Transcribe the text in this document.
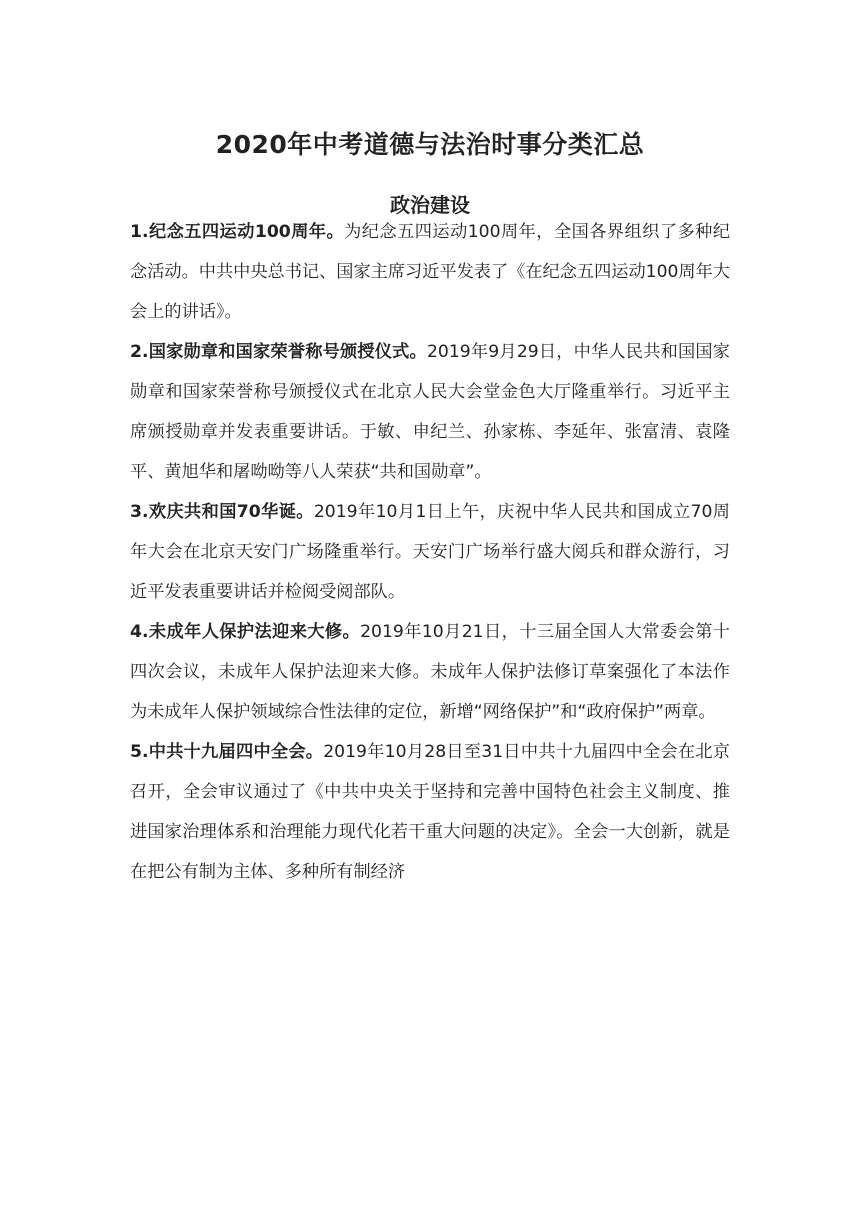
2020年中考道德与法治时事分类汇总
政治建设

1.纪念五四运动100周年。为纪念五四运动100周年，全国各界组织了多种纪念活动。中共中央总书记、国家主席习近平发表了《在纪念五四运动100周年大会上的讲话》。

2.国家勋章和国家荣誉称号颁授仪式。2019年9月29日，中华人民共和国国家勋章和国家荣誉称号颁授仪式在北京人民大会堂金色大厅隆重举行。习近平主席颁授勋章并发表重要讲话。于敏、申纪兰、孙家栋、李延年、张富清、袁隆平、黄旭华和屠呦呦等八人荣获“共和国勋章”。

3.欢庆共和国70华诞。2019年10月1日上午，庆祝中华人民共和国成立70周年大会在北京天安门广场隆重举行。天安门广场举行盛大阅兵和群众游行，习近平发表重要讲话并检阅受阅部队。

4.未成年人保护法迎来大修。2019年10月21日，十三届全国人大常委会第十四次会议，未成年人保护法迎来大修。未成年人保护法修订草案强化了本法作为未成年人保护领域综合性法律的定位，新增“网络保护”和“政府保护”两章。

5.中共十九届四中全会。2019年10月28日至31日中共十九届四中全会在北京召开，全会审议通过了《中共中央关于坚持和完善中国特色社会主义制度、推进国家治理体系和治理能力现代化若干重大问题的决定》。全会一大创新，就是在把公有制为主体、多种所有制经济
